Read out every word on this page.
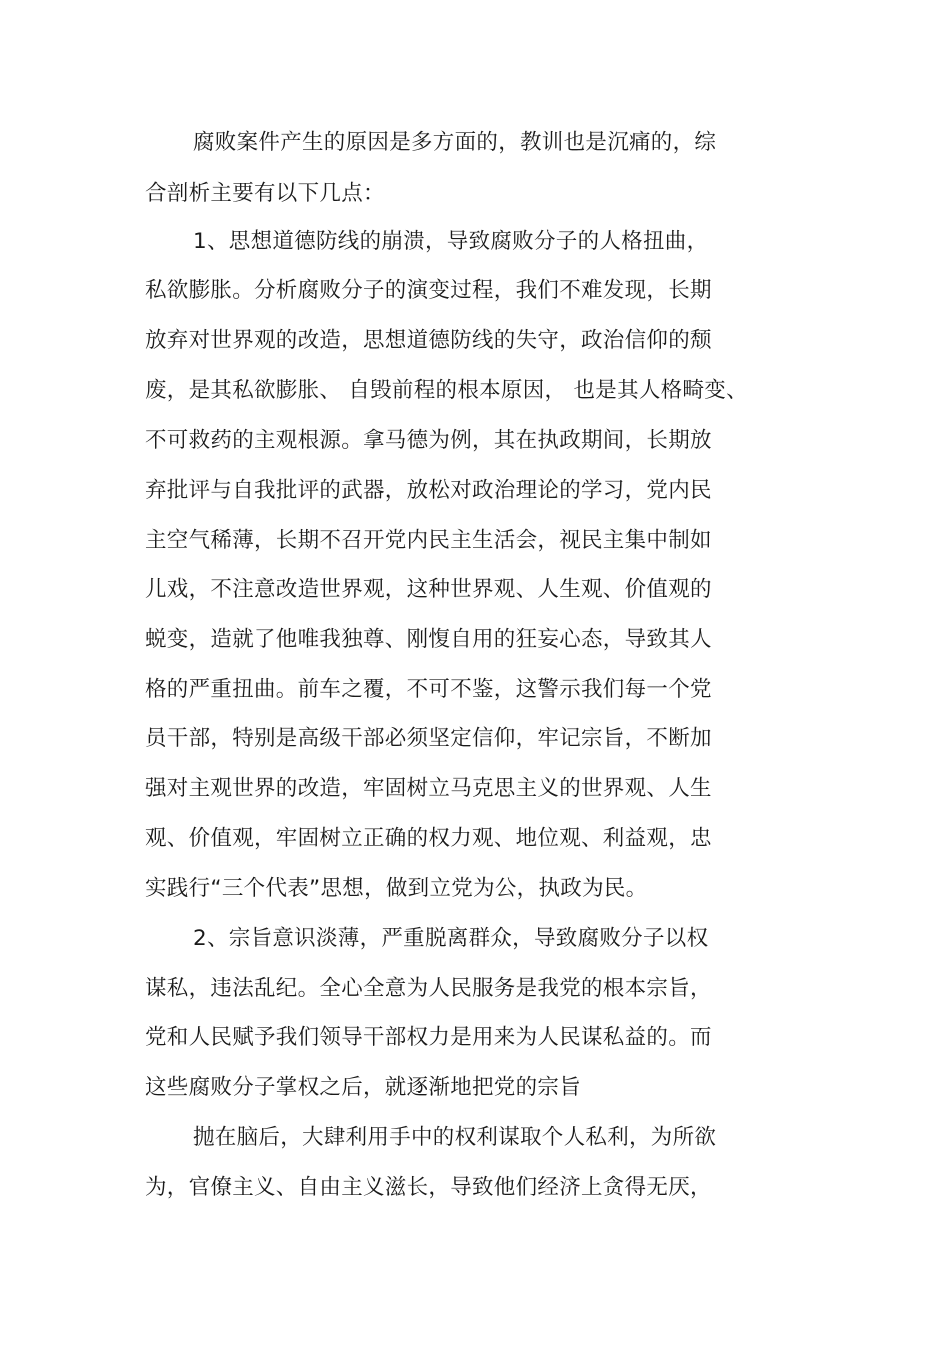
腐败案件产生的原因是多方面的，教训也是沉痛的，综
合剖析主要有以下几点：
1、思想道德防线的崩溃，导致腐败分子的人格扭曲，
私欲膨胀。分析腐败分子的演变过程，我们不难发现，长期
放弃对世界观的改造，思想道德防线的失守，政治信仰的颓
废，是其私欲膨胀、 自毁前程的根本原因， 也是其人格畸变、
不可救药的主观根源。拿马德为例，其在执政期间，长期放
弃批评与自我批评的武器，放松对政治理论的学习，党内民
主空气稀薄，长期不召开党内民主生活会，视民主集中制如
儿戏，不注意改造世界观，这种世界观、人生观、价值观的
蜕变，造就了他唯我独尊、刚愎自用的狂妄心态，导致其人
格的严重扭曲。前车之覆，不可不鉴，这警示我们每一个党
员干部，特别是高级干部必须坚定信仰，牢记宗旨，不断加
强对主观世界的改造，牢固树立马克思主义的世界观、人生
观、价值观，牢固树立正确的权力观、地位观、利益观，忠
实践行“三个代表”思想，做到立党为公，执政为民。
2、宗旨意识淡薄，严重脱离群众，导致腐败分子以权
谋私，违法乱纪。全心全意为人民服务是我党的根本宗旨，
党和人民赋予我们领导干部权力是用来为人民谋私益的。而
这些腐败分子掌权之后，就逐渐地把党的宗旨
抛在脑后，大肆利用手中的权利谋取个人私利，为所欲
为，官僚主义、自由主义滋长，导致他们经济上贪得无厌，
